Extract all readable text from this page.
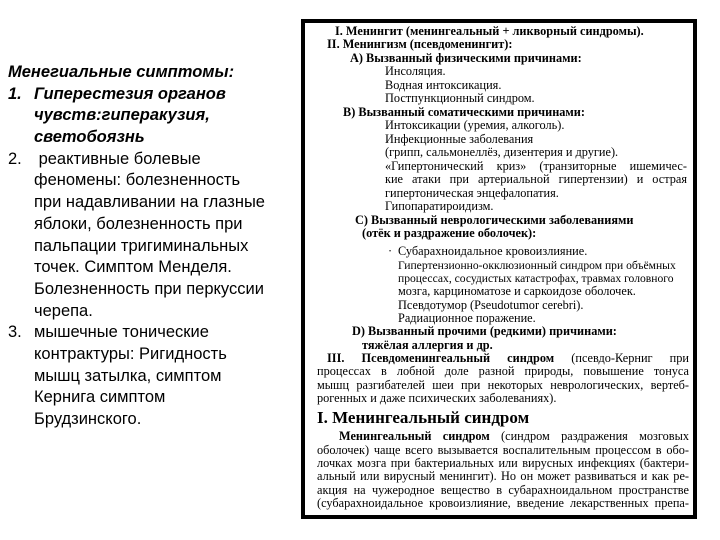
Менегиальные симптомы:
1. Гиперестезия органов
чувств:гиперакузия,
светобоязнь
2. реактивные болевые
феномены: болезненность
при надавливании на глазные
яблоки, болезненность при
пальпации тригиминальных
точек. Симптом Менделя.
Болезненность при перкуссии
черепа.
3. мышечные тонические
контрактуры: Ригидность
мышц затылка, симптом
Кернига симптом
Брудзинского.
I. Менингит (менингеальный + ликворный синдромы).
II. Менингизм (псевдоменингит):
А) Вызванный физическими причинами:
Инсоляция.
Водная интоксикация.
Постпункционный синдром.
В) Вызванный соматическими причинами:
Интоксикации (уремия, алкоголь).
Инфекционные заболевания
(грипп, сальмонеллёз, дизентерия и другие).
«Гипертонический криз» (транзиторные ишемичес-
кие атаки при артериальной гипертензии) и острая
гипертоническая энцефалопатия.
Гипопаратироидизм.
С) Вызванный неврологическими заболеваниями
(отёк и раздражение оболочек):
· Субарахноидальное кровоизлияние.
Гипертензионно-окклюзионный синдром при объёмных
процессах, сосудистых катастрофах, травмах головного
мозга, карциноматозе и саркоидозе оболочек.
Псевдотумор (Pseudotumor cerebri).
Радиационное поражение.
D) Вызванный прочими (редкими) причинами:
тяжёлая аллергия и др.
III. Псевдоменингеальный синдром (псевдо-Керниг при
процессах в лобной доле разной природы, повышение тонуса
мышц разгибателей шеи при некоторых неврологических, вертеб-
рогенных и даже психических заболеваниях).
I. Менингеальный синдром
Менингеальный синдром (синдром раздражения мозговых
оболочек) чаще всего вызывается воспалительным процессом в обо-
лочках мозга при бактериальных или вирусных инфекциях (бактери-
альный или вирусный менингит). Но он может развиваться и как ре-
акция на чужеродное вещество в субарахноидальном пространстве
(субарахноидальное кровоизлияние, введение лекарственных препа-
